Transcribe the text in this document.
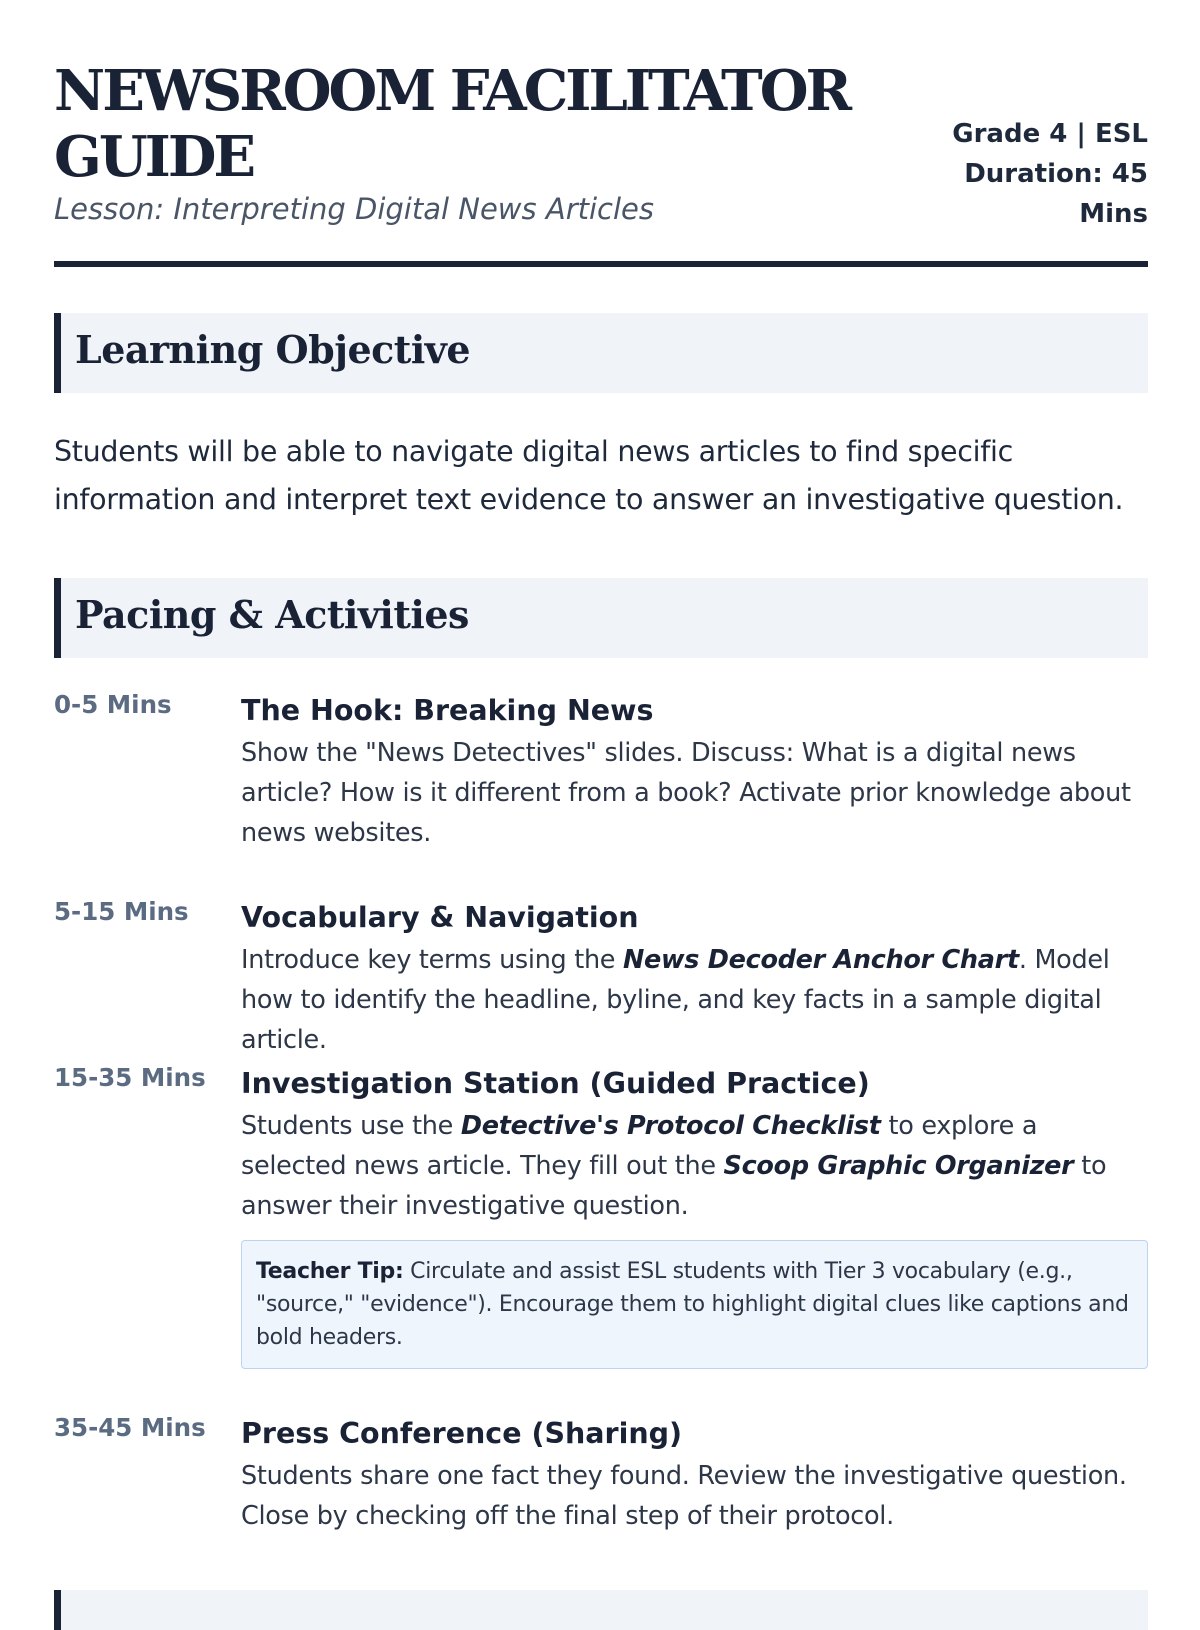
NEWSROOM FACILITATOR GUIDE
Lesson: Interpreting Digital News Articles
Grade 4 | ESL
Duration: 45 Mins
Learning Objective

Students will be able to navigate digital news articles to find specific information and interpret text evidence to answer an investigative question.

Pacing & Activities
0-5 Mins The Hook: Breaking News

Show the "News Detectives" slides. Discuss: What is a digital news article? How is it different from a book? Activate prior knowledge about news websites.

5-15 Mins Vocabulary & Navigation

Introduce key terms using the News Decoder Anchor Chart. Model how to identify the headline, byline, and key facts in a sample digital article.

15-35 Mins Investigation Station (Guided Practice)

Students use the Detective's Protocol Checklist to explore a selected news article. They fill out the Scoop Graphic Organizer to answer their investigative question.

Teacher Tip: Circulate and assist ESL students with Tier 3 vocabulary (e.g., "source," "evidence"). Encourage them to highlight digital clues like captions and bold headers.
35-45 Mins Press Conference (Sharing)

Students share one fact they found. Review the investigative question. Close by checking off the final step of their protocol.
